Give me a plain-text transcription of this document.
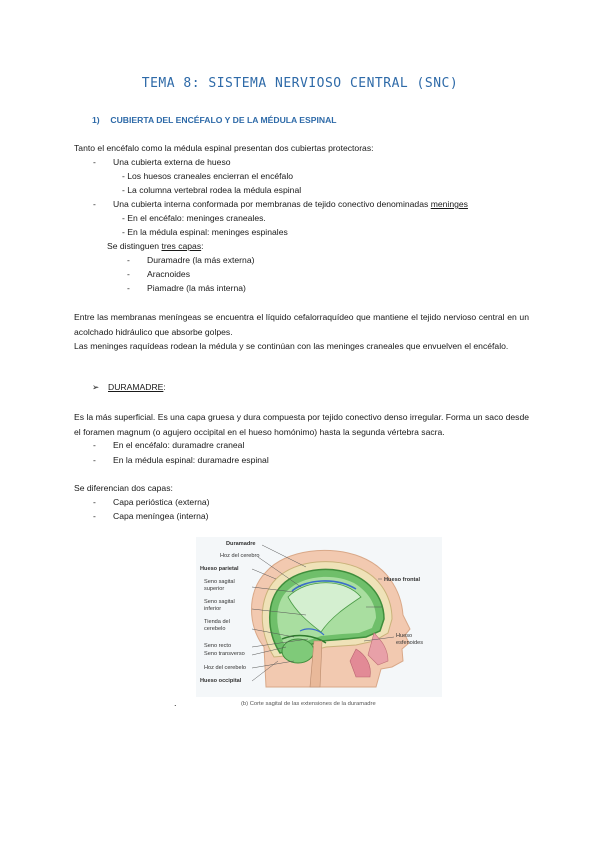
TEMA 8: SISTEMA NERVIOSO CENTRAL (SNC)
1) CUBIERTA DEL ENCÉFALO Y DE LA MÉDULA ESPINAL
Tanto el encéfalo como la médula espinal presentan dos cubiertas protectoras:
- Una cubierta externa de hueso
- Los huesos craneales encierran el encéfalo
- La columna vertebral rodea la médula espinal
- Una cubierta interna conformada por membranas de tejido conectivo denominadas meninges
- En el encéfalo: meninges craneales.
- En la médula espinal: meninges espinales
Se distinguen tres capas:
- Duramadre (la más externa)
- Aracnoides
- Piamadre (la más interna)
Entre las membranas meníngeas se encuentra el líquido cefalorraquídeo que mantiene el tejido nervioso central en un acolchado hidráulico que absorbe golpes.
Las meninges raquídeas rodean la médula y se continúan con las meninges craneales que envuelven el encéfalo.
➢ DURAMADRE:
Es la más superficial. Es una capa gruesa y dura compuesta por tejido conectivo denso irregular. Forma un saco desde el foramen magnum (o agujero occipital en el hueso homónimo) hasta la segunda vértebra sacra.
- En el encéfalo: duramadre craneal
- En la médula espinal: duramadre espinal
Se diferencian dos capas:
- Capa perióstica (externa)
- Capa meníngea (interna)
Duramadre
Hoz del cerebro
Hueso parietal
Seno sagital
superior
Seno sagital
inferior
Tienda del
cerebelo
Seno recto
Seno transverso
Hoz del cerebelo
Hueso occipital
Hueso frontal
Hueso
esfenoides
(b) Corte sagital de las extensiones de la duramadre
.
